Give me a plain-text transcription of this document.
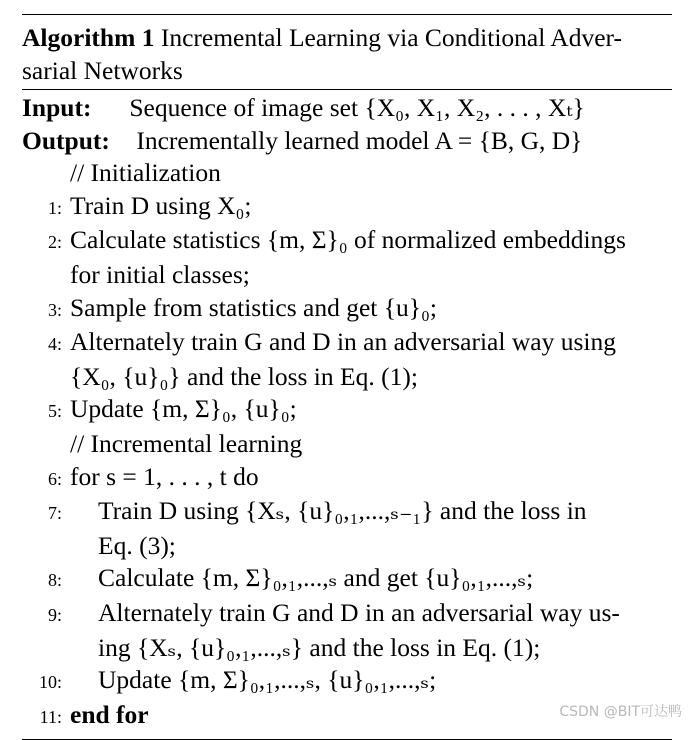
Algorithm 1 Incremental Learning via Conditional Adver-
sarial Networks
Input: Sequence of image set {X₀, X₁, X₂, . . . , Xₜ}
Output: Incrementally learned model A = {B, G, D}
// Initialization
1: Train D using X₀;
2: Calculate statistics {m, Σ}₀ of normalized embeddings
for initial classes;
3: Sample from statistics and get {u}₀;
4: Alternately train G and D in an adversarial way using
{X₀, {u}₀} and the loss in Eq. (1);
5: Update {m, Σ}₀, {u}₀;
// Incremental learning
6: for s = 1, . . . , t do
7: Train D using {Xₛ, {u}₀,₁,...,ₛ₋₁} and the loss in
Eq. (3);
8: Calculate {m, Σ}₀,₁,...,ₛ and get {u}₀,₁,...,ₛ;
9: Alternately train G and D in an adversarial way us-
ing {Xₛ, {u}₀,₁,...,ₛ} and the loss in Eq. (1);
10: Update {m, Σ}₀,₁,...,ₛ, {u}₀,₁,...,ₛ;
11: end for	CSDN @BIT可达鸭
